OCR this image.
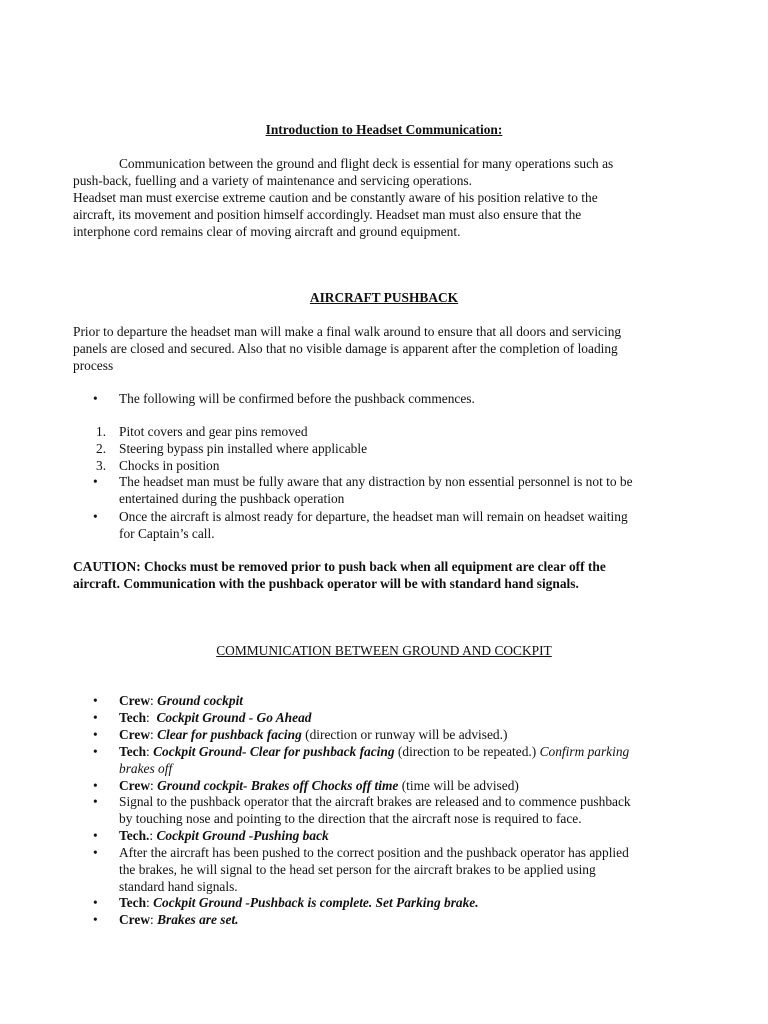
Introduction to Headset Communication:
Communication between the ground and flight deck is essential for many operations such as
push-back, fuelling and a variety of maintenance and servicing operations.
Headset man must exercise extreme caution and be constantly aware of his position relative to the
aircraft, its movement and position himself accordingly. Headset man must also ensure that the
interphone cord remains clear of moving aircraft and ground equipment.
AIRCRAFT PUSHBACK
Prior to departure the headset man will make a final walk around to ensure that all doors and servicing
panels are closed and secured. Also that no visible damage is apparent after the completion of loading
process
• The following will be confirmed before the pushback commences.
1. Pitot covers and gear pins removed
2. Steering bypass pin installed where applicable
3. Chocks in position
• The headset man must be fully aware that any distraction by non essential personnel is not to be
entertained during the pushback operation
• Once the aircraft is almost ready for departure, the headset man will remain on headset waiting
for Captain’s call.
CAUTION: Chocks must be removed prior to push back when all equipment are clear off the
aircraft. Communication with the pushback operator will be with standard hand signals.
COMMUNICATION BETWEEN GROUND AND COCKPIT
• Crew: Ground cockpit
• Tech:  Cockpit Ground - Go Ahead
• Crew: Clear for pushback facing (direction or runway will be advised.)
• Tech: Cockpit Ground- Clear for pushback facing (direction to be repeated.) Confirm parking
brakes off
• Crew: Ground cockpit- Brakes off Chocks off time (time will be advised)
• Signal to the pushback operator that the aircraft brakes are released and to commence pushback
by touching nose and pointing to the direction that the aircraft nose is required to face.
• Tech.: Cockpit Ground -Pushing back
• After the aircraft has been pushed to the correct position and the pushback operator has applied
the brakes, he will signal to the head set person for the aircraft brakes to be applied using
standard hand signals.
• Tech: Cockpit Ground -Pushback is complete. Set Parking brake.
• Crew: Brakes are set.
